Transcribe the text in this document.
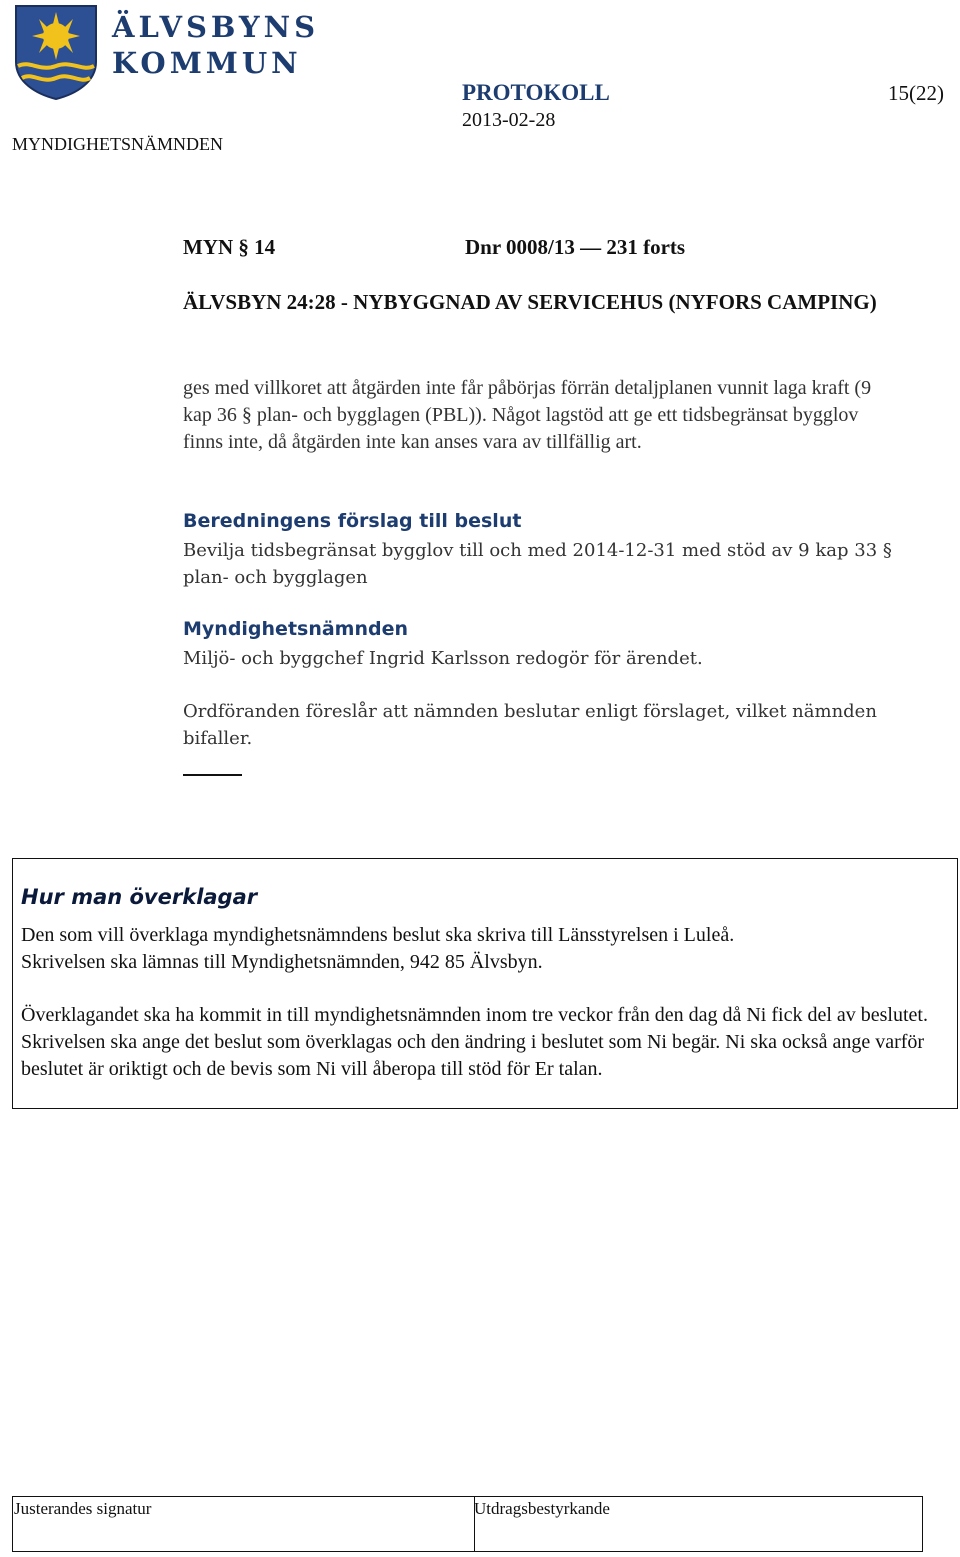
ÄLVSBYNS
KOMMUN
PROTOKOLL
2013-02-28
15(22)
MYNDIGHETSNÄMNDEN
MYN § 14	Dnr 0008/13 — 231 forts
ÄLVSBYN 24:28 - NYBYGGNAD AV SERVICEHUS (NYFORS CAMPING)
ges med villkoret att åtgärden inte får påbörjas förrän detaljplanen vunnit laga kraft (9 kap 36 § plan- och bygglagen (PBL)). Något lagstöd att ge ett tidsbegränsat bygglov finns inte, då åtgärden inte kan anses vara av tillfällig art.
Beredningens förslag till beslut
Bevilja tidsbegränsat bygglov till och med 2014-12-31 med stöd av 9 kap 33 § plan- och bygglagen
Myndighetsnämnden
Miljö- och byggchef Ingrid Karlsson redogör för ärendet.
Ordföranden föreslår att nämnden beslutar enligt förslaget, vilket nämnden bifaller.
Hur man överklagar
Den som vill överklaga myndighetsnämndens beslut ska skriva till Länsstyrelsen i Luleå.
Skrivelsen ska lämnas till Myndighetsnämnden, 942 85 Älvsbyn.
Överklagandet ska ha kommit in till myndighetsnämnden inom tre veckor från den dag då Ni fick del av beslutet. Skrivelsen ska ange det beslut som överklagas och den ändring i beslutet som Ni begär. Ni ska också ange varför beslutet är oriktigt och de bevis som Ni vill åberopa till stöd för Er talan.
Justerandes signatur	Utdragsbestyrkande
